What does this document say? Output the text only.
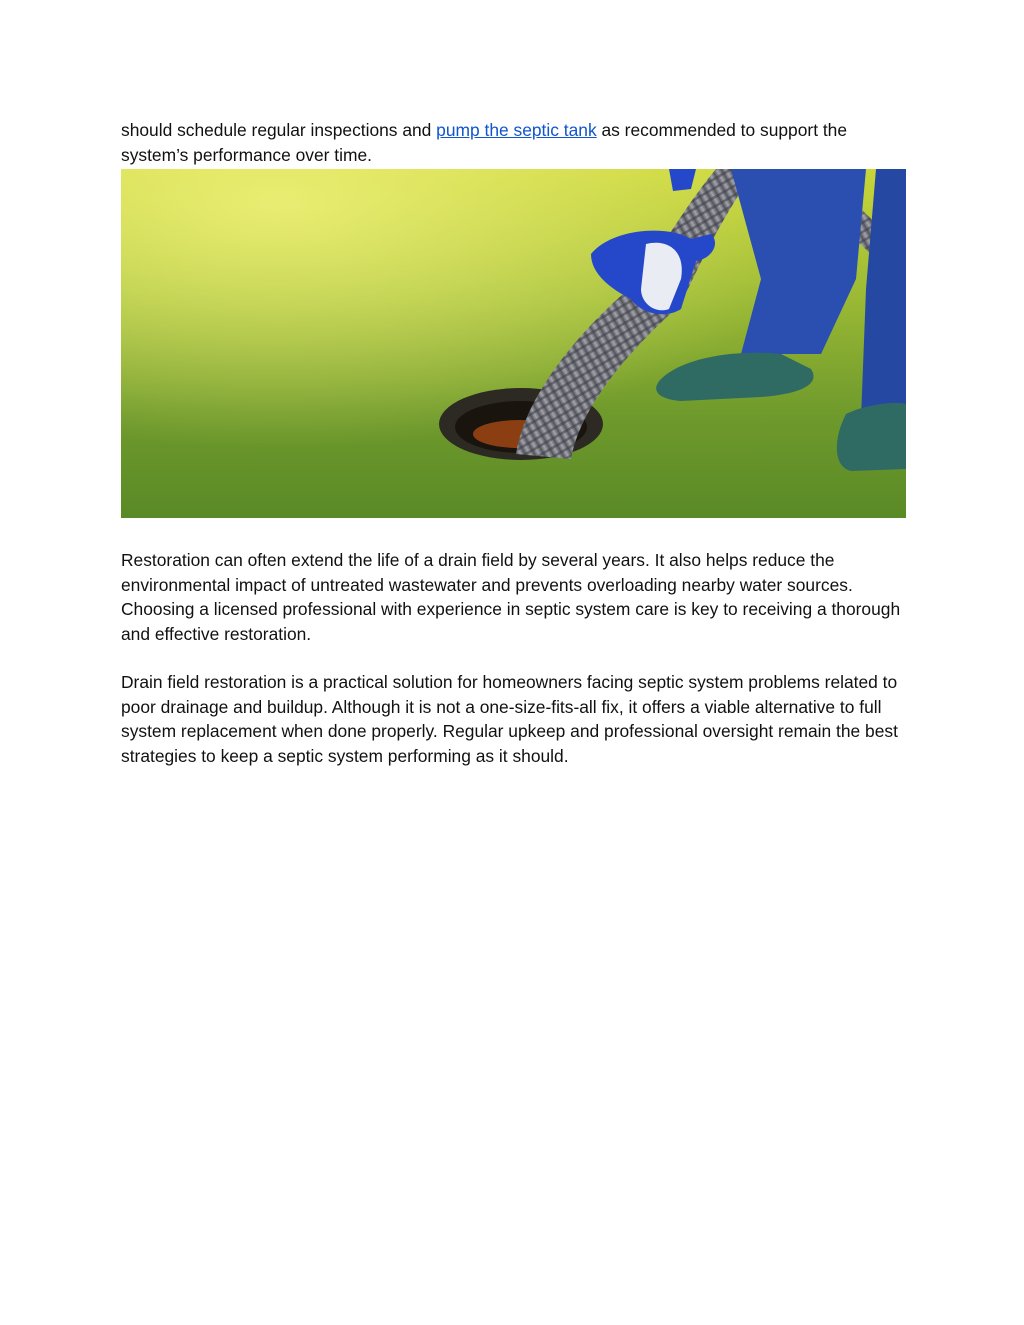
should schedule regular inspections and pump the septic tank as recommended to support the system’s performance over time.

Restoration can often extend the life of a drain field by several years. It also helps reduce the environmental impact of untreated wastewater and prevents overloading nearby water sources. Choosing a licensed professional with experience in septic system care is key to receiving a thorough and effective restoration.

Drain field restoration is a practical solution for homeowners facing septic system problems related to poor drainage and buildup. Although it is not a one-size-fits-all fix, it offers a viable alternative to full system replacement when done properly. Regular upkeep and professional oversight remain the best strategies to keep a septic system performing as it should.
